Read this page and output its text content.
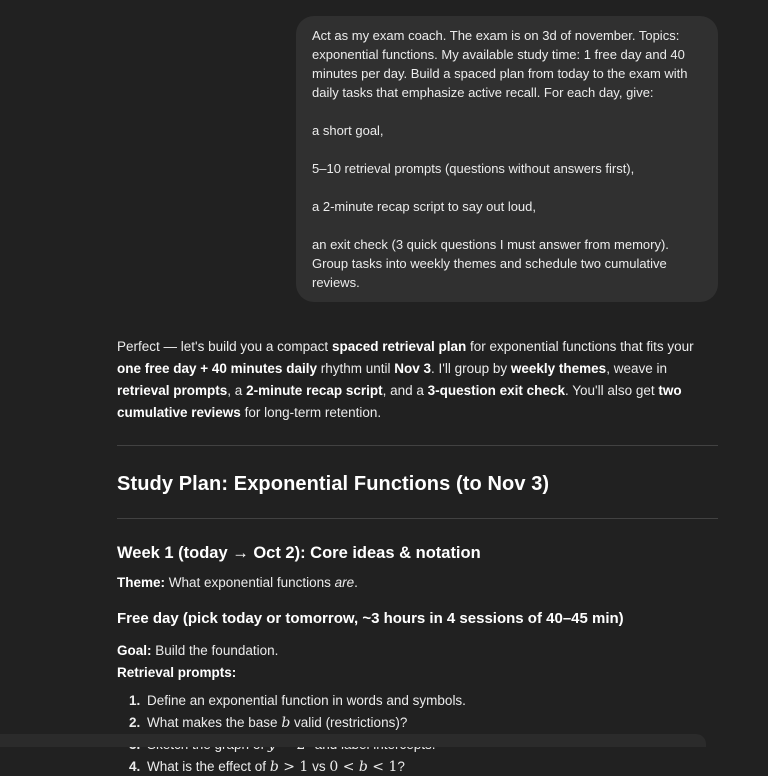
Act as my exam coach. The exam is on 3d of november. Topics: exponential functions. My available study time: 1 free day and 40 minutes per day. Build a spaced plan from today to the exam with daily tasks that emphasize active recall. For each day, give:

a short goal,

5–10 retrieval prompts (questions without answers first),

a 2-minute recap script to say out loud,

an exit check (3 quick questions I must answer from memory).

Group tasks into weekly themes and schedule two cumulative reviews.

Perfect — let's build you a compact spaced retrieval plan for exponential functions that fits your one free day + 40 minutes daily rhythm until Nov 3. I'll group by weekly themes, weave in retrieval prompts, a 2-minute recap script, and a 3-question exit check. You'll also get two cumulative reviews for long-term retention.

Study Plan: Exponential Functions (to Nov 3)
Week 1 (today → Oct 2): Core ideas & notation

Theme: What exponential functions are.

Free day (pick today or tomorrow, ~3 hours in 4 sessions of 40–45 min)

Goal: Build the foundation.

Retrieval prompts:

1. Define an exponential function in words and symbols.
2. What makes the base b valid (restrictions)?
3.
4. What is the effect of b > 1 vs 0 < b < 1?
